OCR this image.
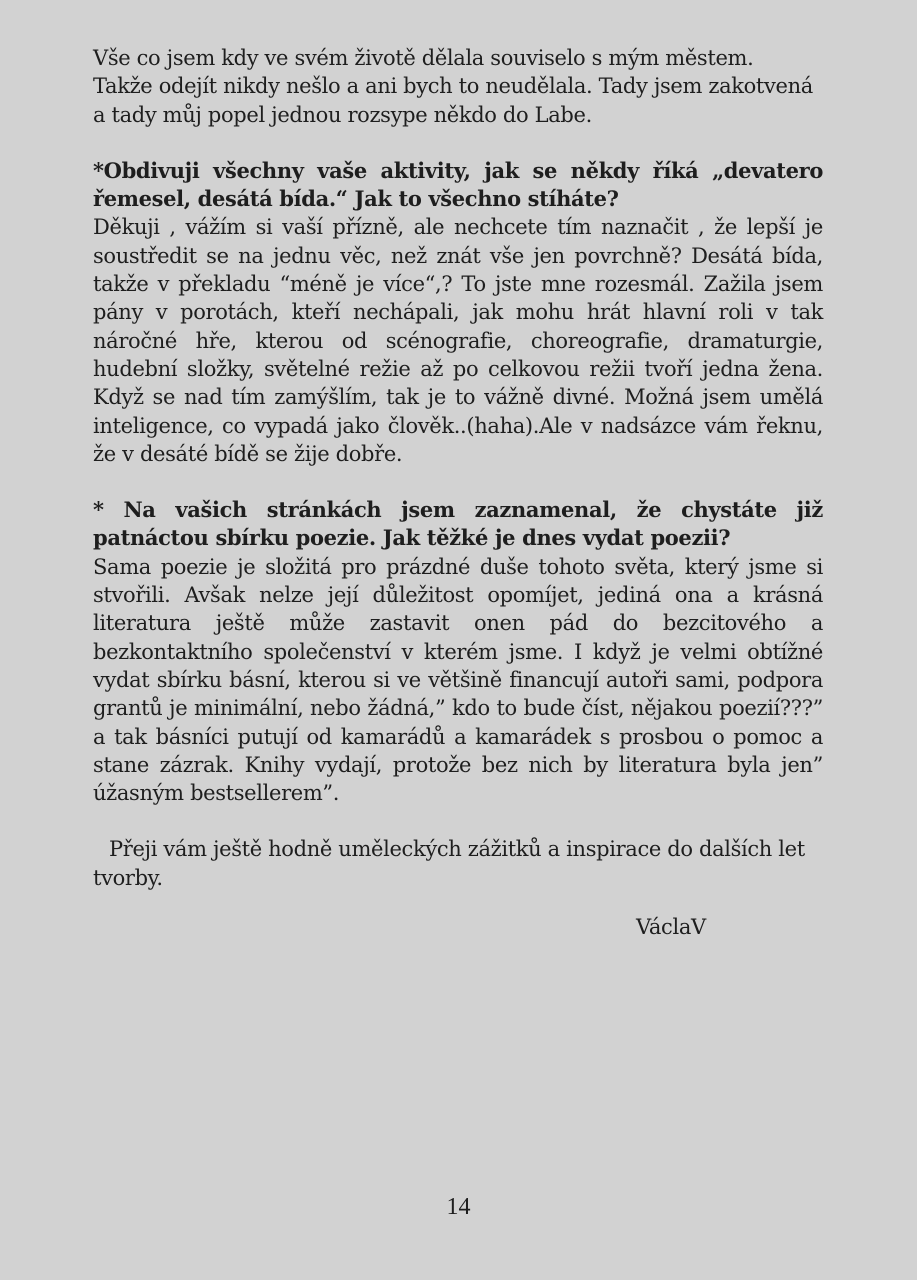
Vše co jsem kdy ve svém životě dělala souviselo s mým městem.

Takže odejít nikdy nešlo a ani bych to neudělala. Tady jsem zakotvená a tady můj popel jednou rozsype někdo do Labe.

*Obdivuji všechny vaše aktivity, jak se někdy říká „devatero řemesel, desátá bída.“ Jak to všechno stíháte?

Děkuji , vážím si vaší přízně, ale nechcete tím naznačit , že lepší je soustředit se na jednu věc, než znát vše jen povrchně? Desátá bída, takže v překladu “méně je více“,? To jste mne rozesmál. Zažila jsem pány v porotách, kteří nechápali, jak mohu hrát hlavní roli v tak náročné hře, kterou od scénografie, choreografie, dramaturgie, hudební složky, světelné režie až po celkovou režii tvoří jedna žena. Když se nad tím zamýšlím, tak je to vážně divné. Možná jsem umělá inteligence, co vypadá jako člověk..(haha).Ale v nadsázce vám řeknu, že v desáté bídě se žije dobře.

* Na vašich stránkách jsem zaznamenal, že chystáte již patnáctou sbírku poezie. Jak těžké je dnes vydat poezii?

Sama poezie je složitá pro prázdné duše tohoto světa, který jsme si stvořili. Avšak nelze její důležitost opomíjet, jediná ona a krásná literatura ještě může zastavit onen pád do bezcitového a bezkontaktního společenství v kterém jsme. I když je velmi obtížné vydat sbírku básní, kterou si ve většině financují autoři sami, podpora grantů je minimální, nebo žádná,” kdo to bude číst, nějakou poezií???” a tak básníci putují od kamarádů a kamarádek s prosbou o pomoc a stane zázrak. Knihy vydají, protože bez nich by literatura byla jen” úžasným bestsellerem”.

Přeji vám ještě hodně uměleckých zážitků a inspirace do dalších let tvorby.

VáclaV

14
